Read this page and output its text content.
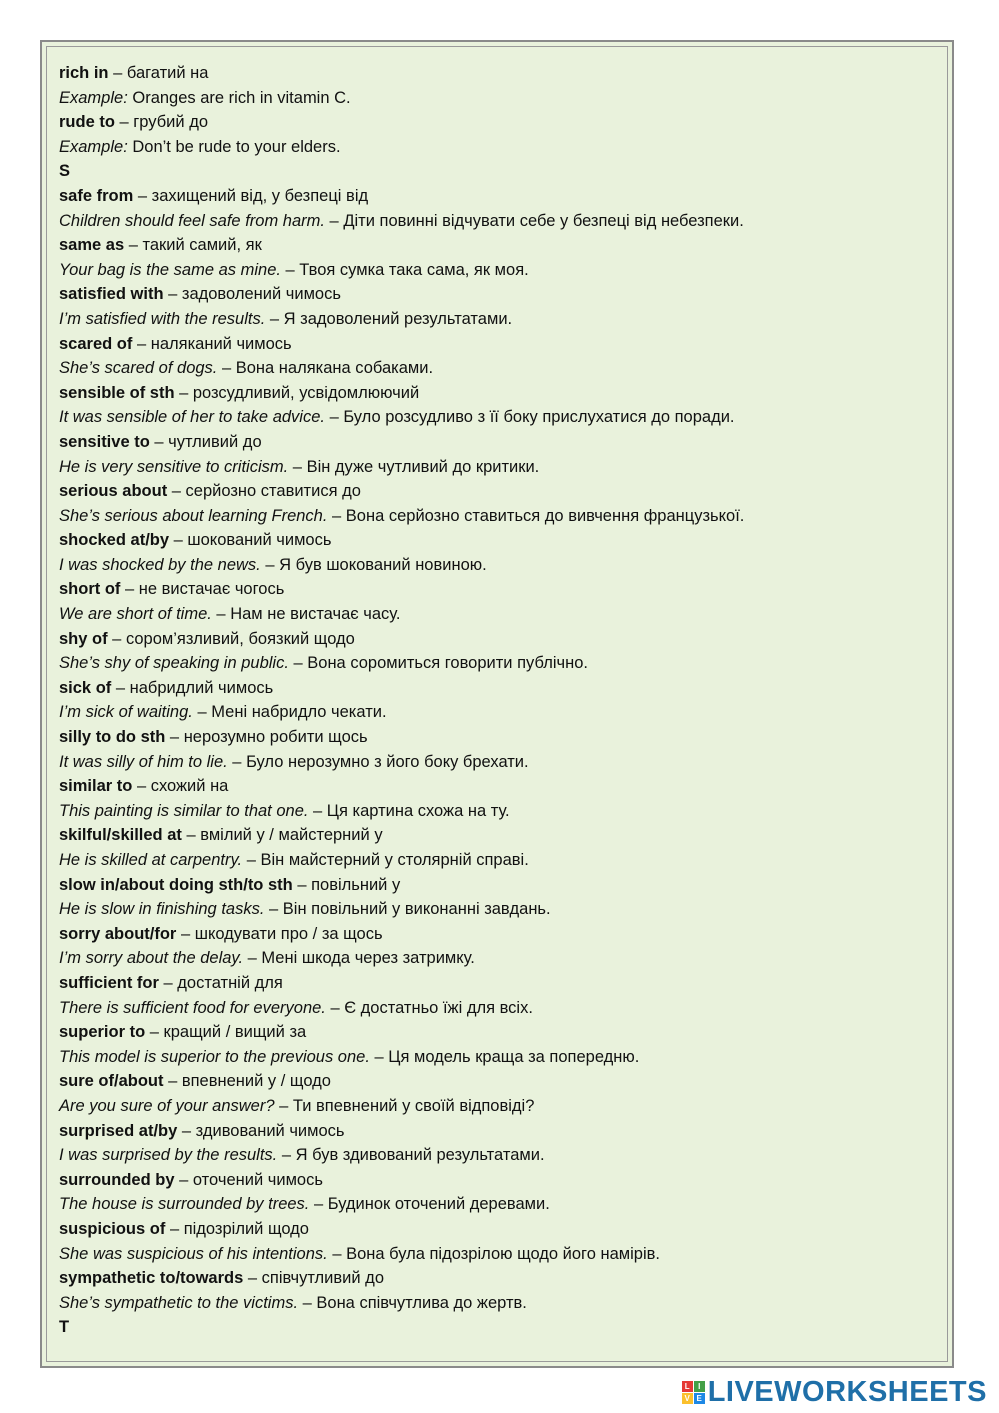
rich in – багатий на
Example: Oranges are rich in vitamin C.
rude to – грубий до
Example: Don’t be rude to your elders.
S
safe from – захищений від, у безпеці від
Children should feel safe from harm. – Діти повинні відчувати себе у безпеці від небезпеки.
same as – такий самий, як
Your bag is the same as mine. – Твоя сумка така сама, як моя.
satisfied with – задоволений чимось
I’m satisfied with the results. – Я задоволений результатами.
scared of – наляканий чимось
She’s scared of dogs. – Вона налякана собаками.
sensible of sth – розсудливий, усвідомлюючий
It was sensible of her to take advice. – Було розсудливо з її боку прислухатися до поради.
sensitive to – чутливий до
He is very sensitive to criticism. – Він дуже чутливий до критики.
serious about – серйозно ставитися до
She’s serious about learning French. – Вона серйозно ставиться до вивчення французької.
shocked at/by – шокований чимось
I was shocked by the news. – Я був шокований новиною.
short of – не вистачає чогось
We are short of time. – Нам не вистачає часу.
shy of – сором’язливий, боязкий щодо
She’s shy of speaking in public. – Вона соромиться говорити публічно.
sick of – набридлий чимось
I’m sick of waiting. – Мені набридло чекати.
silly to do sth – нерозумно робити щось
It was silly of him to lie. – Було нерозумно з його боку брехати.
similar to – схожий на
This painting is similar to that one. – Ця картина схожа на ту.
skilful/skilled at – вмілий у / майстерний у
He is skilled at carpentry. – Він майстерний у столярній справі.
slow in/about doing sth/to sth – повільний у
He is slow in finishing tasks. – Він повільний у виконанні завдань.
sorry about/for – шкодувати про / за щось
I’m sorry about the delay. – Мені шкода через затримку.
sufficient for – достатній для
There is sufficient food for everyone. – Є достатньо їжі для всіх.
superior to – кращий / вищий за
This model is superior to the previous one. – Ця модель краща за попередню.
sure of/about – впевнений у / щодо
Are you sure of your answer? – Ти впевнений у своїй відповіді?
surprised at/by – здивований чимось
I was surprised by the results. – Я був здивований результатами.
surrounded by – оточений чимось
The house is surrounded by trees. – Будинок оточений деревами.
suspicious of – підозрілий щодо
She was suspicious of his intentions. – Вона була підозрілою щодо його намірів.
sympathetic to/towards – співчутливий до
She’s sympathetic to the victims. – Вона співчутлива до жертв.
T
L	I
V E LIVEWORKSHEETS
